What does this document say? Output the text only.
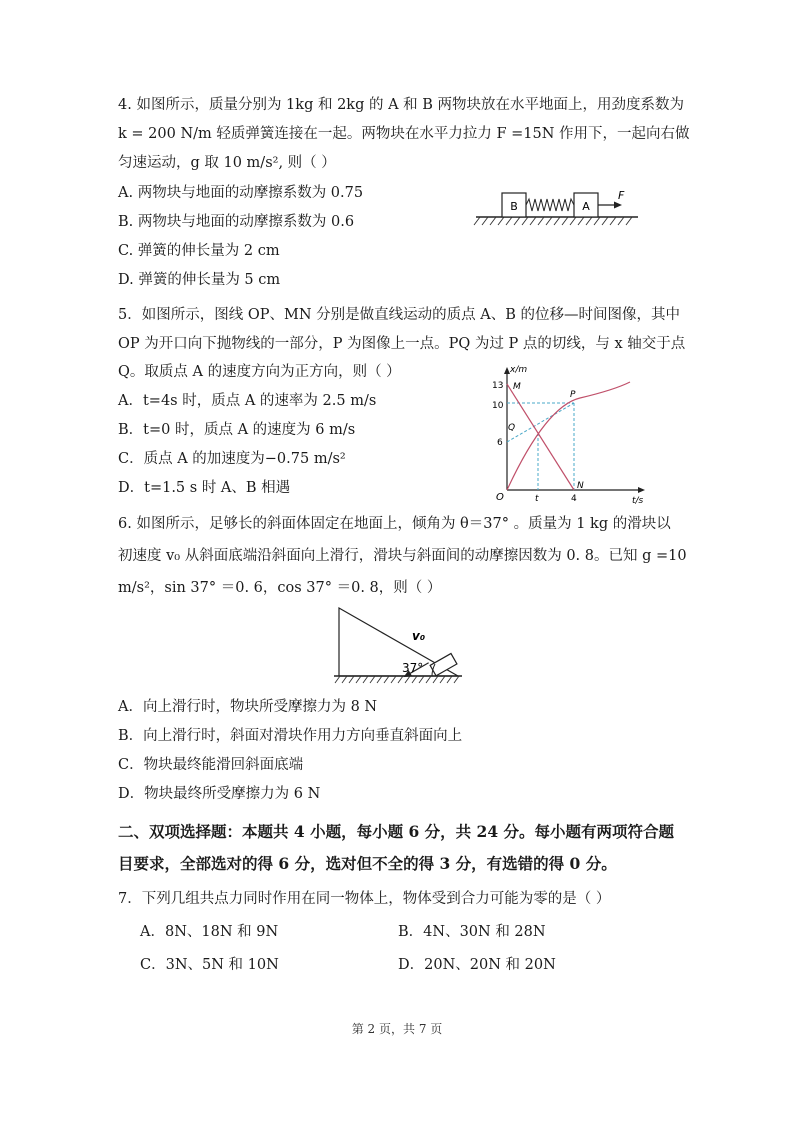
4. 如图所示，质量分别为 1kg 和 2kg 的 A 和 B 两物块放在水平地面上，用劲度系数为
k = 200 N/m 轻质弹簧连接在一起。两物块在水平力拉力 F =15N 作用下，一起向右做
匀速运动，g 取 10 m/s², 则（ ）
A. 两物块与地面的动摩擦系数为 0.75
B. 两物块与地面的动摩擦系数为 0.6
C. 弹簧的伸长量为 2 cm
D. 弹簧的伸长量为 5 cm
B	A
F
5．如图所示，图线 OP、MN 分别是做直线运动的质点 A、B 的位移—时间图像，其中
OP 为开口向下抛物线的一部分，P 为图像上一点。PQ 为过 P 点的切线，与 x 轴交于点
Q。取质点 A 的速度方向为正方向，则（ ）
A．t=4s 时，质点 A 的速率为 2.5 m/s
B．t=0 时，质点 A 的速度为 6 m/s
C．质点 A 的加速度为−0.75 m/s²
D．t=1.5 s 时 A、B 相遇
x/m
t/s
O
13
10
6
t	4
M
P
Q
N
6. 如图所示，足够长的斜面体固定在地面上，倾角为 θ＝37° 。质量为 1 kg 的滑块以
初速度 v₀ 从斜面底端沿斜面向上滑行，滑块与斜面间的动摩擦因数为 0. 8。已知 g =10
m/s²，sin 37° ＝0. 6，cos 37° ＝0. 8，则（ ）
v₀
37°
A．向上滑行时，物块所受摩擦力为 8 N
B．向上滑行时，斜面对滑块作用力方向垂直斜面向上
C．物块最终能滑回斜面底端
D．物块最终所受摩擦力为 6 N
二、双项选择题：本题共 4 小题，每小题 6 分，共 24 分。每小题有两项符合题
目要求，全部选对的得 6 分，选对但不全的得 3 分，有选错的得 0 分。
7．下列几组共点力同时作用在同一物体上，物体受到合力可能为零的是（ ）
A．8N、18N 和 9N	B．4N、30N 和 28N
C．3N、5N 和 10N	D．20N、20N 和 20N
第 2 页，共 7 页
